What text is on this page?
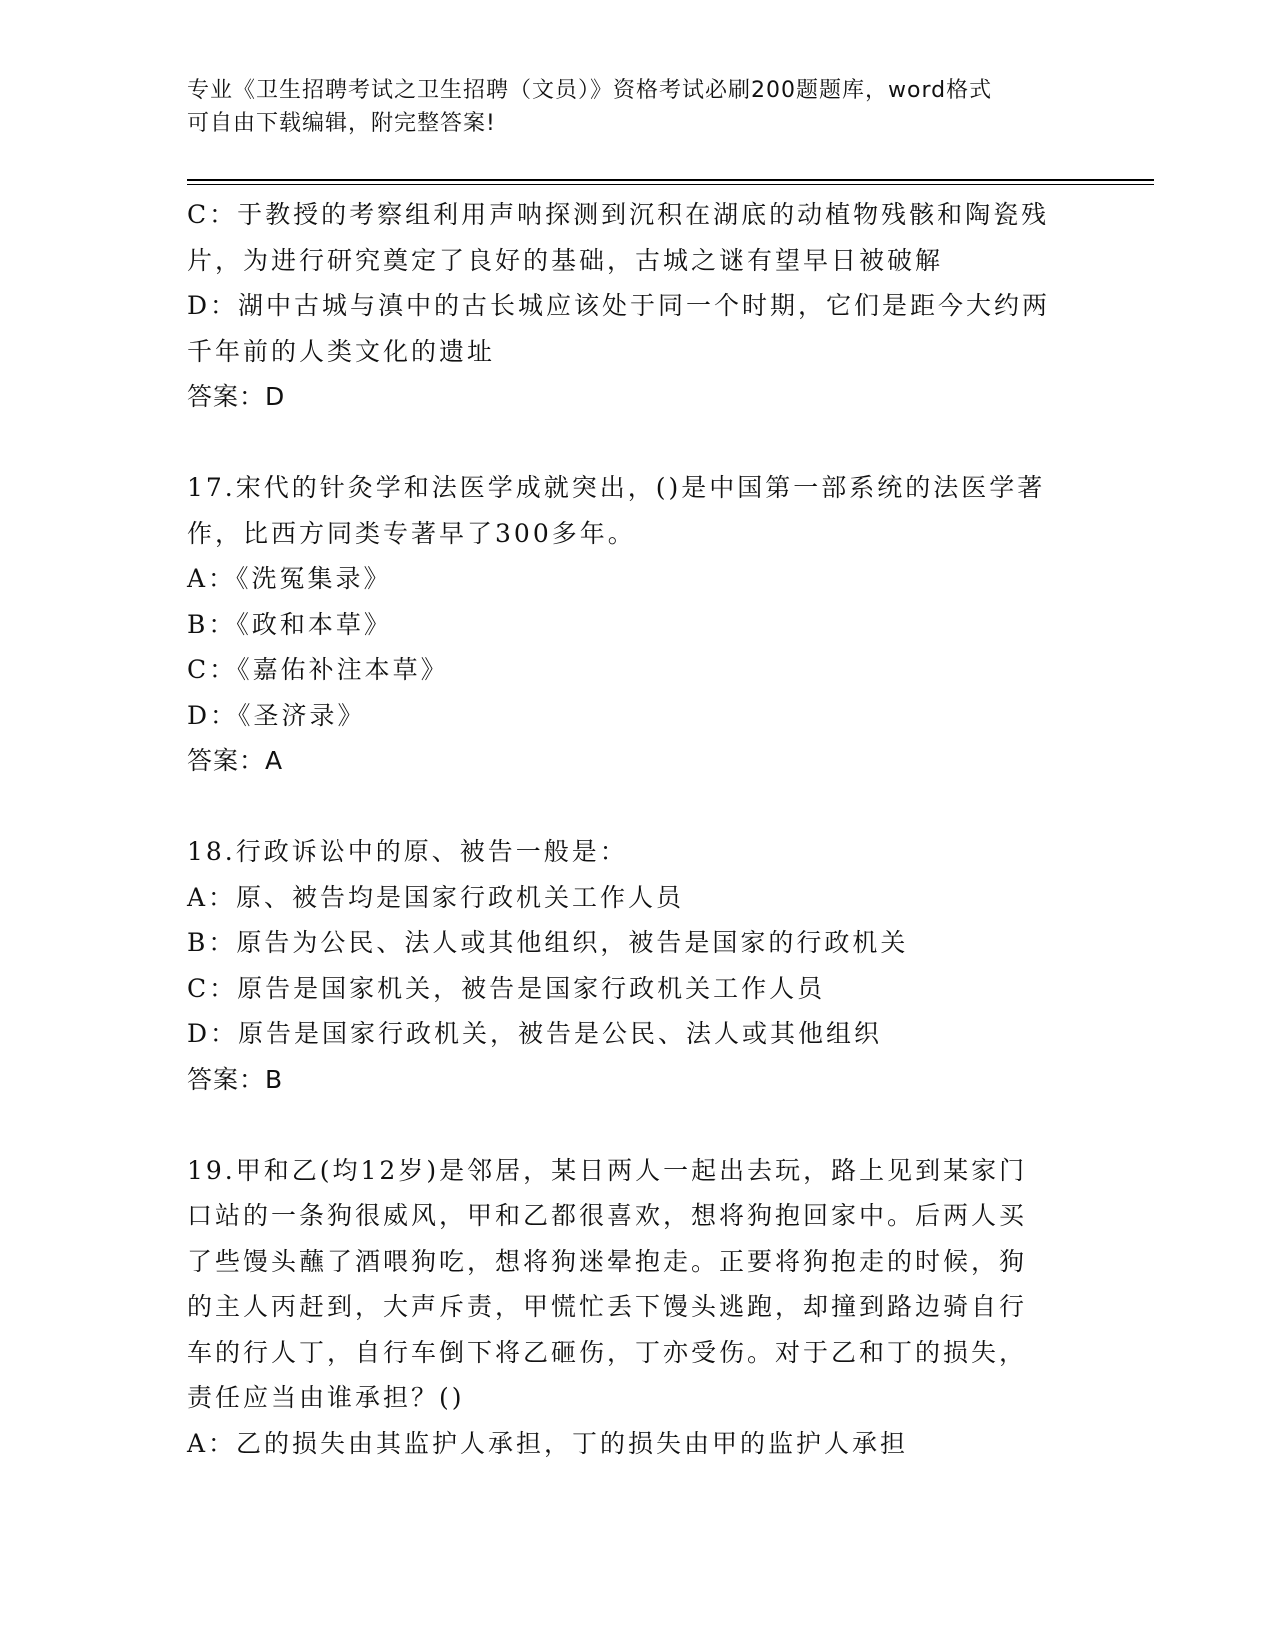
专业《卫生招聘考试之卫生招聘（文员）》资格考试必刷200题题库，word格式
可自由下载编辑，附完整答案!
C：于教授的考察组利用声呐探测到沉积在湖底的动植物残骸和陶瓷残
片，为进行研究奠定了良好的基础，古城之谜有望早日被破解
D：湖中古城与滇中的古长城应该处于同一个时期，它们是距今大约两
千年前的人类文化的遗址
答案：D
17.宋代的针灸学和法医学成就突出，()是中国第一部系统的法医学著
作，比西方同类专著早了300多年。
A：《洗冤集录》
B：《政和本草》
C：《嘉佑补注本草》
D：《圣济录》
答案：A
18.行政诉讼中的原、被告一般是：
A：原、被告均是国家行政机关工作人员
B：原告为公民、法人或其他组织，被告是国家的行政机关
C：原告是国家机关，被告是国家行政机关工作人员
D：原告是国家行政机关，被告是公民、法人或其他组织
答案：B
19.甲和乙(均12岁)是邻居，某日两人一起出去玩，路上见到某家门
口站的一条狗很威风，甲和乙都很喜欢，想将狗抱回家中。后两人买
了些馒头蘸了酒喂狗吃，想将狗迷晕抱走。正要将狗抱走的时候，狗
的主人丙赶到，大声斥责，甲慌忙丢下馒头逃跑，却撞到路边骑自行
车的行人丁，自行车倒下将乙砸伤，丁亦受伤。对于乙和丁的损失，
责任应当由谁承担？()
A：乙的损失由其监护人承担，丁的损失由甲的监护人承担
